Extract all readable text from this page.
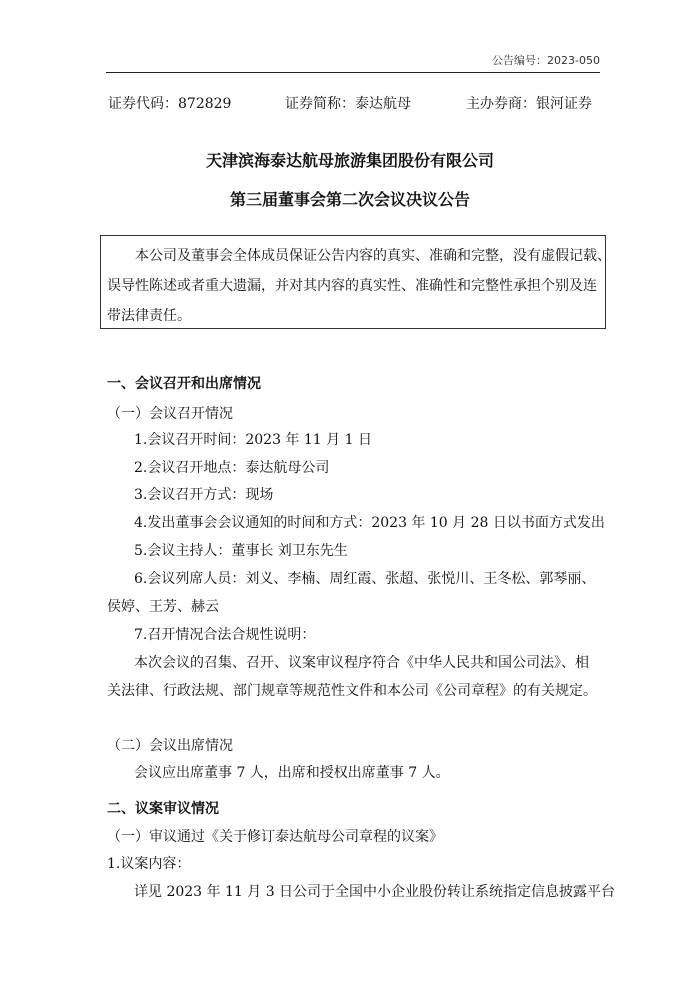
公告编号：2023-050
证券代码：872829	证券简称：泰达航母	主办券商：银河证券
天津滨海泰达航母旅游集团股份有限公司
第三届董事会第二次会议决议公告
本公司及董事会全体成员保证公告内容的真实、准确和完整，没有虚假记载、
误导性陈述或者重大遗漏，并对其内容的真实性、准确性和完整性承担个别及连
带法律责任。
一、会议召开和出席情况
（一）会议召开情况
1.会议召开时间：2023 年 11 月 1 日
2.会议召开地点：泰达航母公司
3.会议召开方式：现场
4.发出董事会会议通知的时间和方式：2023 年 10 月 28 日以书面方式发出
5.会议主持人：董事长 刘卫东先生
6.会议列席人员：刘义、李楠、周红霞、张超、张悦川、王冬松、郭琴丽、
侯婷、王芳、赫云
7.召开情况合法合规性说明：
本次会议的召集、召开、议案审议程序符合《中华人民共和国公司法》、相
关法律、行政法规、部门规章等规范性文件和本公司《公司章程》的有关规定。
（二）会议出席情况
会议应出席董事 7 人，出席和授权出席董事 7 人。
二、议案审议情况
（一）审议通过《关于修订泰达航母公司章程的议案》
1.议案内容：
详见 2023 年 11 月 3 日公司于全国中小企业股份转让系统指定信息披露平台
